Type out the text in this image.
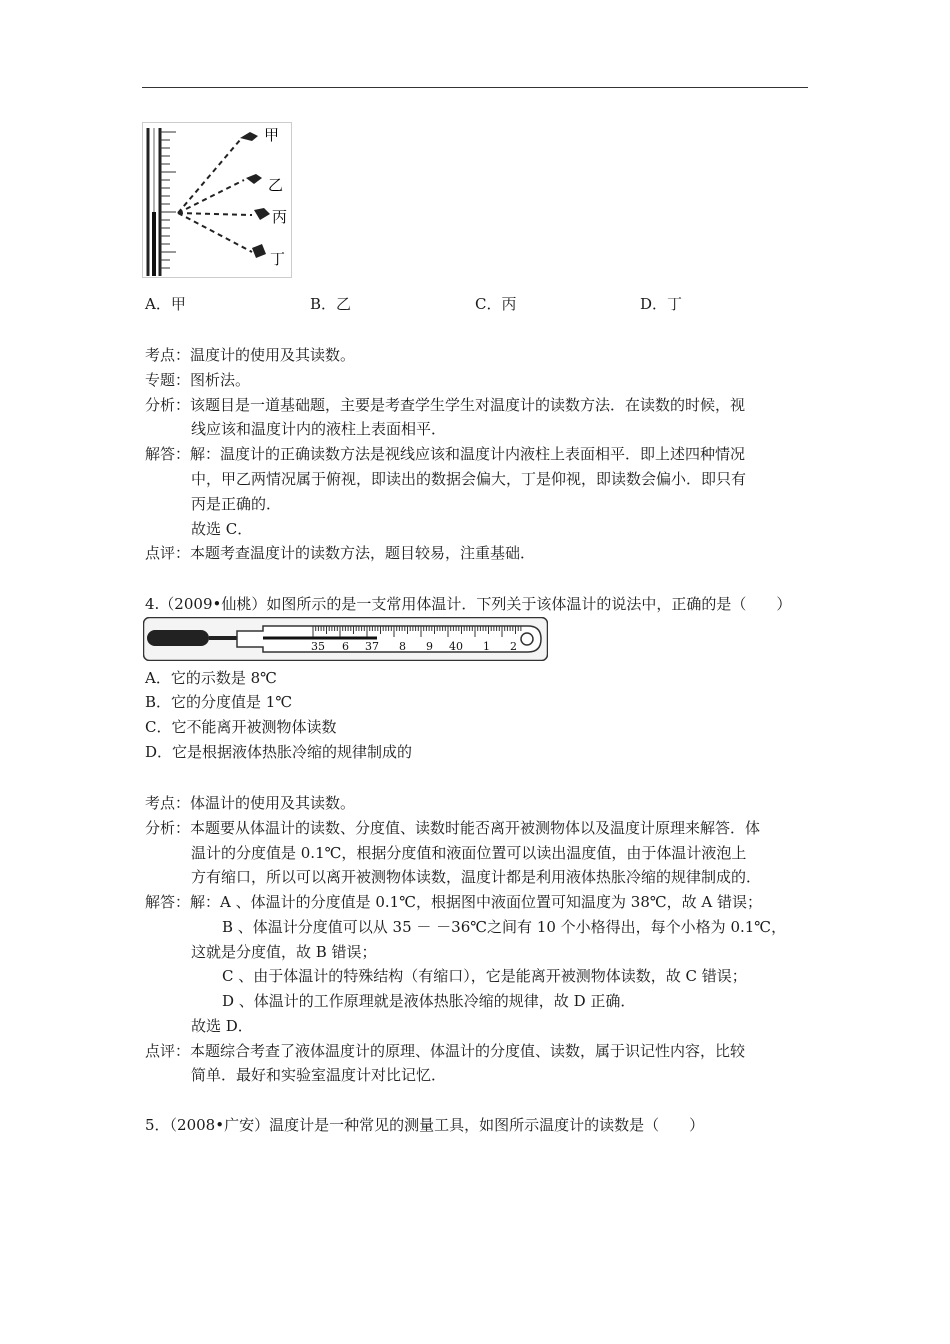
甲
乙
丙
丁
A．甲	B．乙	C．丙	D．丁
考点：温度计的使用及其读数。
专题：图析法。
分析：该题目是一道基础题，主要是考查学生学生对温度计的读数方法．在读数的时候，视
线应该和温度计内的液柱上表面相平．
解答：解：温度计的正确读数方法是视线应该和温度计内液柱上表面相平．即上述四种情况
中，甲乙两情况属于俯视，即读出的数据会偏大，丁是仰视，即读数会偏小．即只有
丙是正确的．
故选 C．
点评：本题考查温度计的读数方法，题目较易，注重基础．
4.（2009•仙桃）如图所示的是一支常用体温计．下列关于该体温计的说法中，正确的是（　　）
35 6 37 8 9 40 1 2
A．它的示数是 8℃
B．它的分度值是 1℃
C．它不能离开被测物体读数
D．它是根据液体热胀冷缩的规律制成的
考点：体温计的使用及其读数。
分析：本题要从体温计的读数、分度值、读数时能否离开被测物体以及温度计原理来解答．体
温计的分度值是 0.1℃，根据分度值和液面位置可以读出温度值，由于体温计液泡上
方有缩口，所以可以离开被测物体读数，温度计都是利用液体热胀冷缩的规律制成的．
解答：解：A 、体温计的分度值是 0.1℃，根据图中液面位置可知温度为 38℃，故 A 错误；
B 、体温计分度值可以从 35 － －36℃之间有 10 个小格得出，每个小格为 0.1℃，
这就是分度值，故 B 错误；
C 、由于体温计的特殊结构（有缩口），它是能离开被测物体读数，故 C 错误；
D 、体温计的工作原理就是液体热胀冷缩的规律，故 D 正确．
故选 D．
点评：本题综合考查了液体温度计的原理、体温计的分度值、读数，属于识记性内容，比较
简单．最好和实验室温度计对比记忆．
5．（2008•广安）温度计是一种常见的测量工具，如图所示温度计的读数是（　　）
